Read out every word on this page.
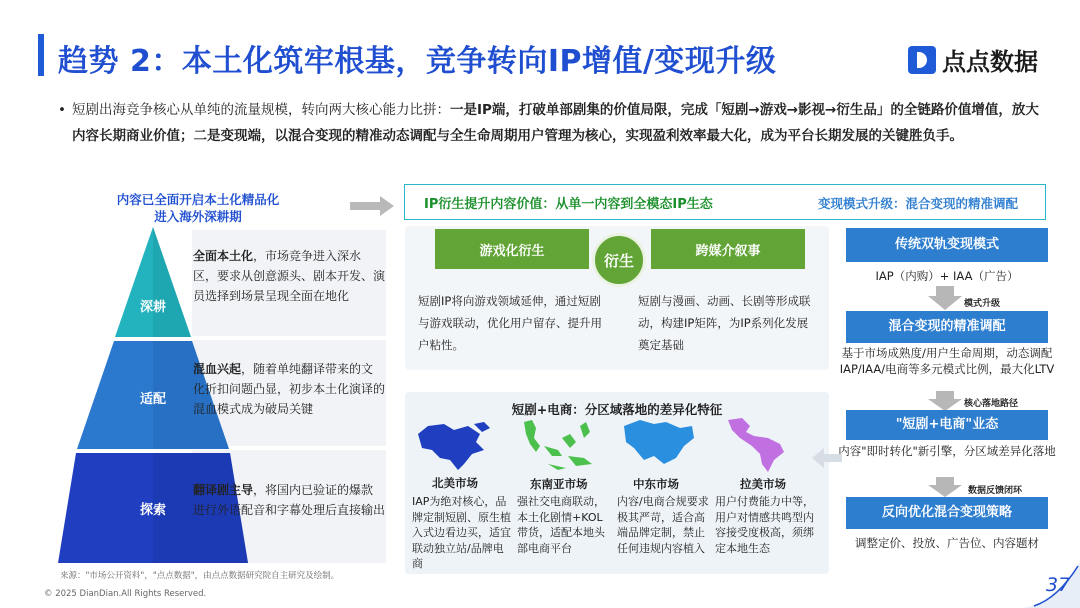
趋势 2：本土化筑牢根基，竞争转向IP增值/变现升级	点点数据
• 短剧出海竞争核心从单纯的流量规模，转向两大核心能力比拼：一是IP端，打破单部剧集的价值局限，完成「短剧→游戏→影视→衍生品」的全链路价值增值，放大内容长期商业价值；二是变现端，以混合变现的精准动态调配与全生命周期用户管理为核心，实现盈利效率最大化，成为平台长期发展的关键胜负手。
内容已全面开启本土化精品化
进入海外深耕期
深耕
适配
探索
全面本土化，市场竞争进入深水区，要求从创意源头、剧本开发、演员选择到场景呈现全面在地化
混血兴起，随着单纯翻译带来的文化折扣问题凸显，初步本土化演译的混血模式成为破局关键
翻译剧主导，将国内已验证的爆款进行外语配音和字幕处理后直接输出
IP衍生提升内容价值：从单一内容到全模态IP生态	变现模式升级：混合变现的精准调配
游戏化衍生	跨媒介叙事
衍生
短剧IP将向游戏领域延伸，通过短剧与游戏联动，优化用户留存、提升用户粘性。
短剧与漫画、动画、长剧等形成联动，构建IP矩阵，为IP系列化发展奠定基础
短剧+电商：分区域落地的差异化特征
北美市场	东南亚市场	中东市场	拉美市场
IAP为绝对核心，品牌定制短剧、原生植入式边看边买，适宜联动独立站/品牌电商
强社交电商联动，本土化剧情+KOL 带货，适配本地头部电商平台
内容/电商合规要求极其严苛，适合高端品牌定制，禁止任何违规内容植入
用户付费能力中等，用户对情感共鸣型内容接受度极高，须绑定本地生态
传统双轨变现模式
IAP（内购）+ IAA（广告）
模式升级
混合变现的精准调配
基于市场成熟度/用户生命周期，动态调配IAP/IAA/电商等多元模式比例，最大化LTV
核心落地路径
"短剧+电商"业态
内容"即时转化"新引擎，分区域差异化落地
数据反馈闭环
反向优化混合变现策略
调整定价、投放、广告位、内容题材
来源："市场公开资料"，"点点数据"，由点点数据研究院自主研究及绘制。
© 2025 DianDian.All Rights Reserved.	37
